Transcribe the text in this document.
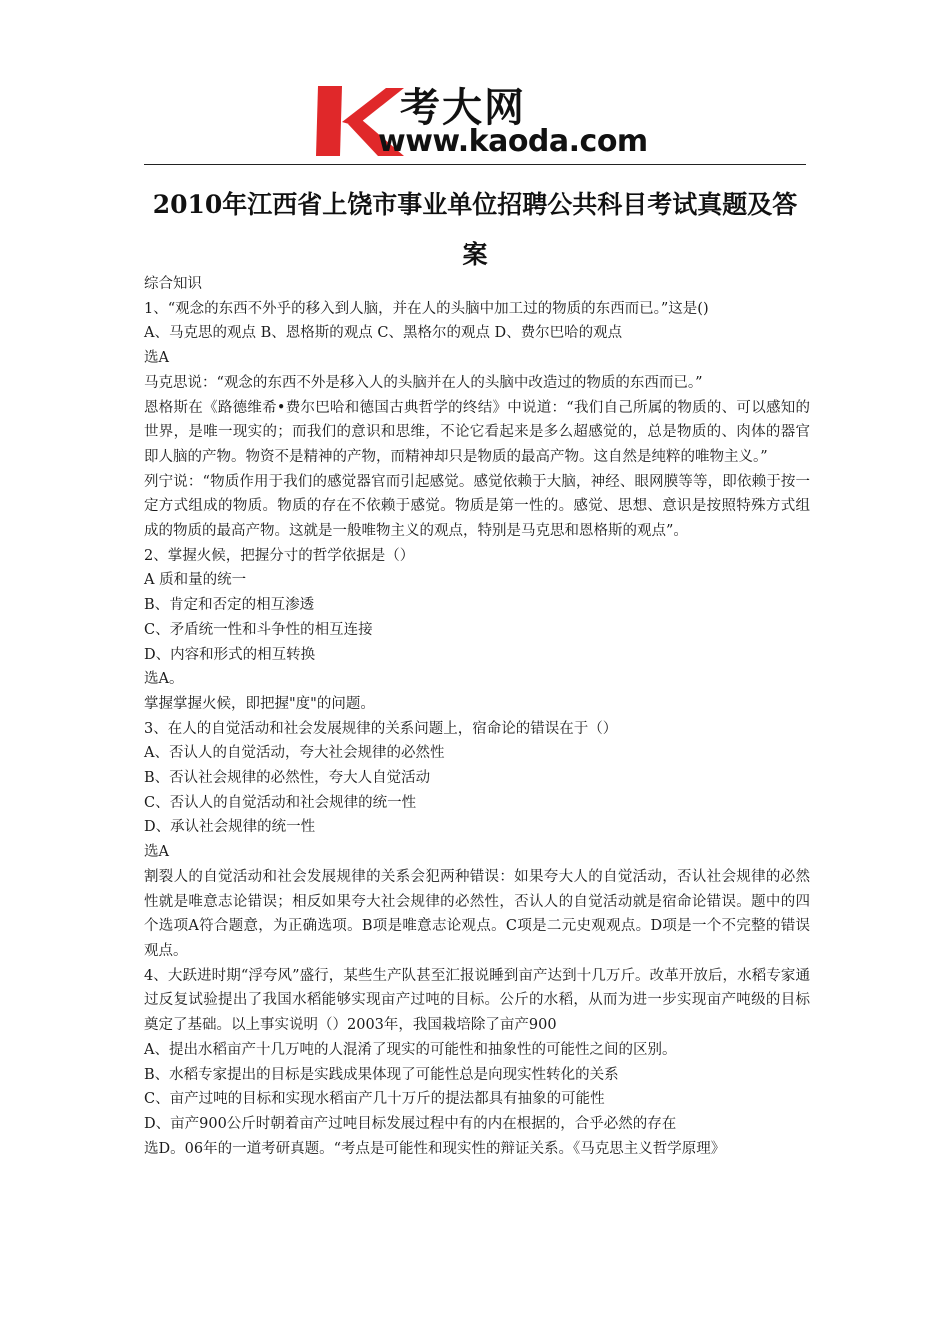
考大网
www.kaoda.com
2010年江西省上饶市事业单位招聘公共科目考试真题及答案

综合知识

1、“观念的东西不外乎的移入到人脑，并在人的头脑中加工过的物质的东西而已。”这是()

A、马克思的观点 B、恩格斯的观点 C、黑格尔的观点 D、费尔巴哈的观点

选A

马克思说：“观念的东西不外是移入人的头脑并在人的头脑中改造过的物质的东西而已。”

恩格斯在《路德维希•费尔巴哈和德国古典哲学的终结》中说道：“我们自己所属的物质的、可以感知的世界，是唯一现实的；而我们的意识和思维，不论它看起来是多么超感觉的，总是物质的、肉体的器官即人脑的产物。物资不是精神的产物，而精神却只是物质的最高产物。这自然是纯粹的唯物主义。”

列宁说：“物质作用于我们的感觉器官而引起感觉。感觉依赖于大脑，神经、眼网膜等等，即依赖于按一定方式组成的物质。物质的存在不依赖于感觉。物质是第一性的。感觉、思想、意识是按照特殊方式组成的物质的最高产物。这就是一般唯物主义的观点，特别是马克思和恩格斯的观点”。

2、掌握火候，把握分寸的哲学依据是（）

A 质和量的统一

B、肯定和否定的相互渗透

C、矛盾统一性和斗争性的相互连接

D、内容和形式的相互转换

选A。

掌握掌握火候，即把握"度"的问题。

3、在人的自觉活动和社会发展规律的关系问题上，宿命论的错误在于（）

A、否认人的自觉活动，夸大社会规律的必然性

B、否认社会规律的必然性，夸大人自觉活动

C、否认人的自觉活动和社会规律的统一性

D、承认社会规律的统一性

选A

割裂人的自觉活动和社会发展规律的关系会犯两种错误：如果夸大人的自觉活动，否认社会规律的必然性就是唯意志论错误；相反如果夸大社会规律的必然性，否认人的自觉活动就是宿命论错误。题中的四个选项A符合题意，为正确选项。B项是唯意志论观点。C项是二元史观观点。D项是一个不完整的错误观点。

4、大跃进时期“浮夸风”盛行，某些生产队甚至汇报说睡到亩产达到十几万斤。改革开放后，水稻专家通过反复试验提出了我国水稻能够实现亩产过吨的目标。公斤的水稻，从而为进一步实现亩产吨级的目标奠定了基础。以上事实说明（）2003年，我国栽培除了亩产900

A、提出水稻亩产十几万吨的人混淆了现实的可能性和抽象性的可能性之间的区别。

B、水稻专家提出的目标是实践成果体现了可能性总是向现实性转化的关系

C、亩产过吨的目标和实现水稻亩产几十万斤的提法都具有抽象的可能性

D、亩产900公斤时朝着亩产过吨目标发展过程中有的内在根据的，合乎必然的存在

选D。06年的一道考研真题。“考点是可能性和现实性的辩证关系。《马克思主义哲学原理》
